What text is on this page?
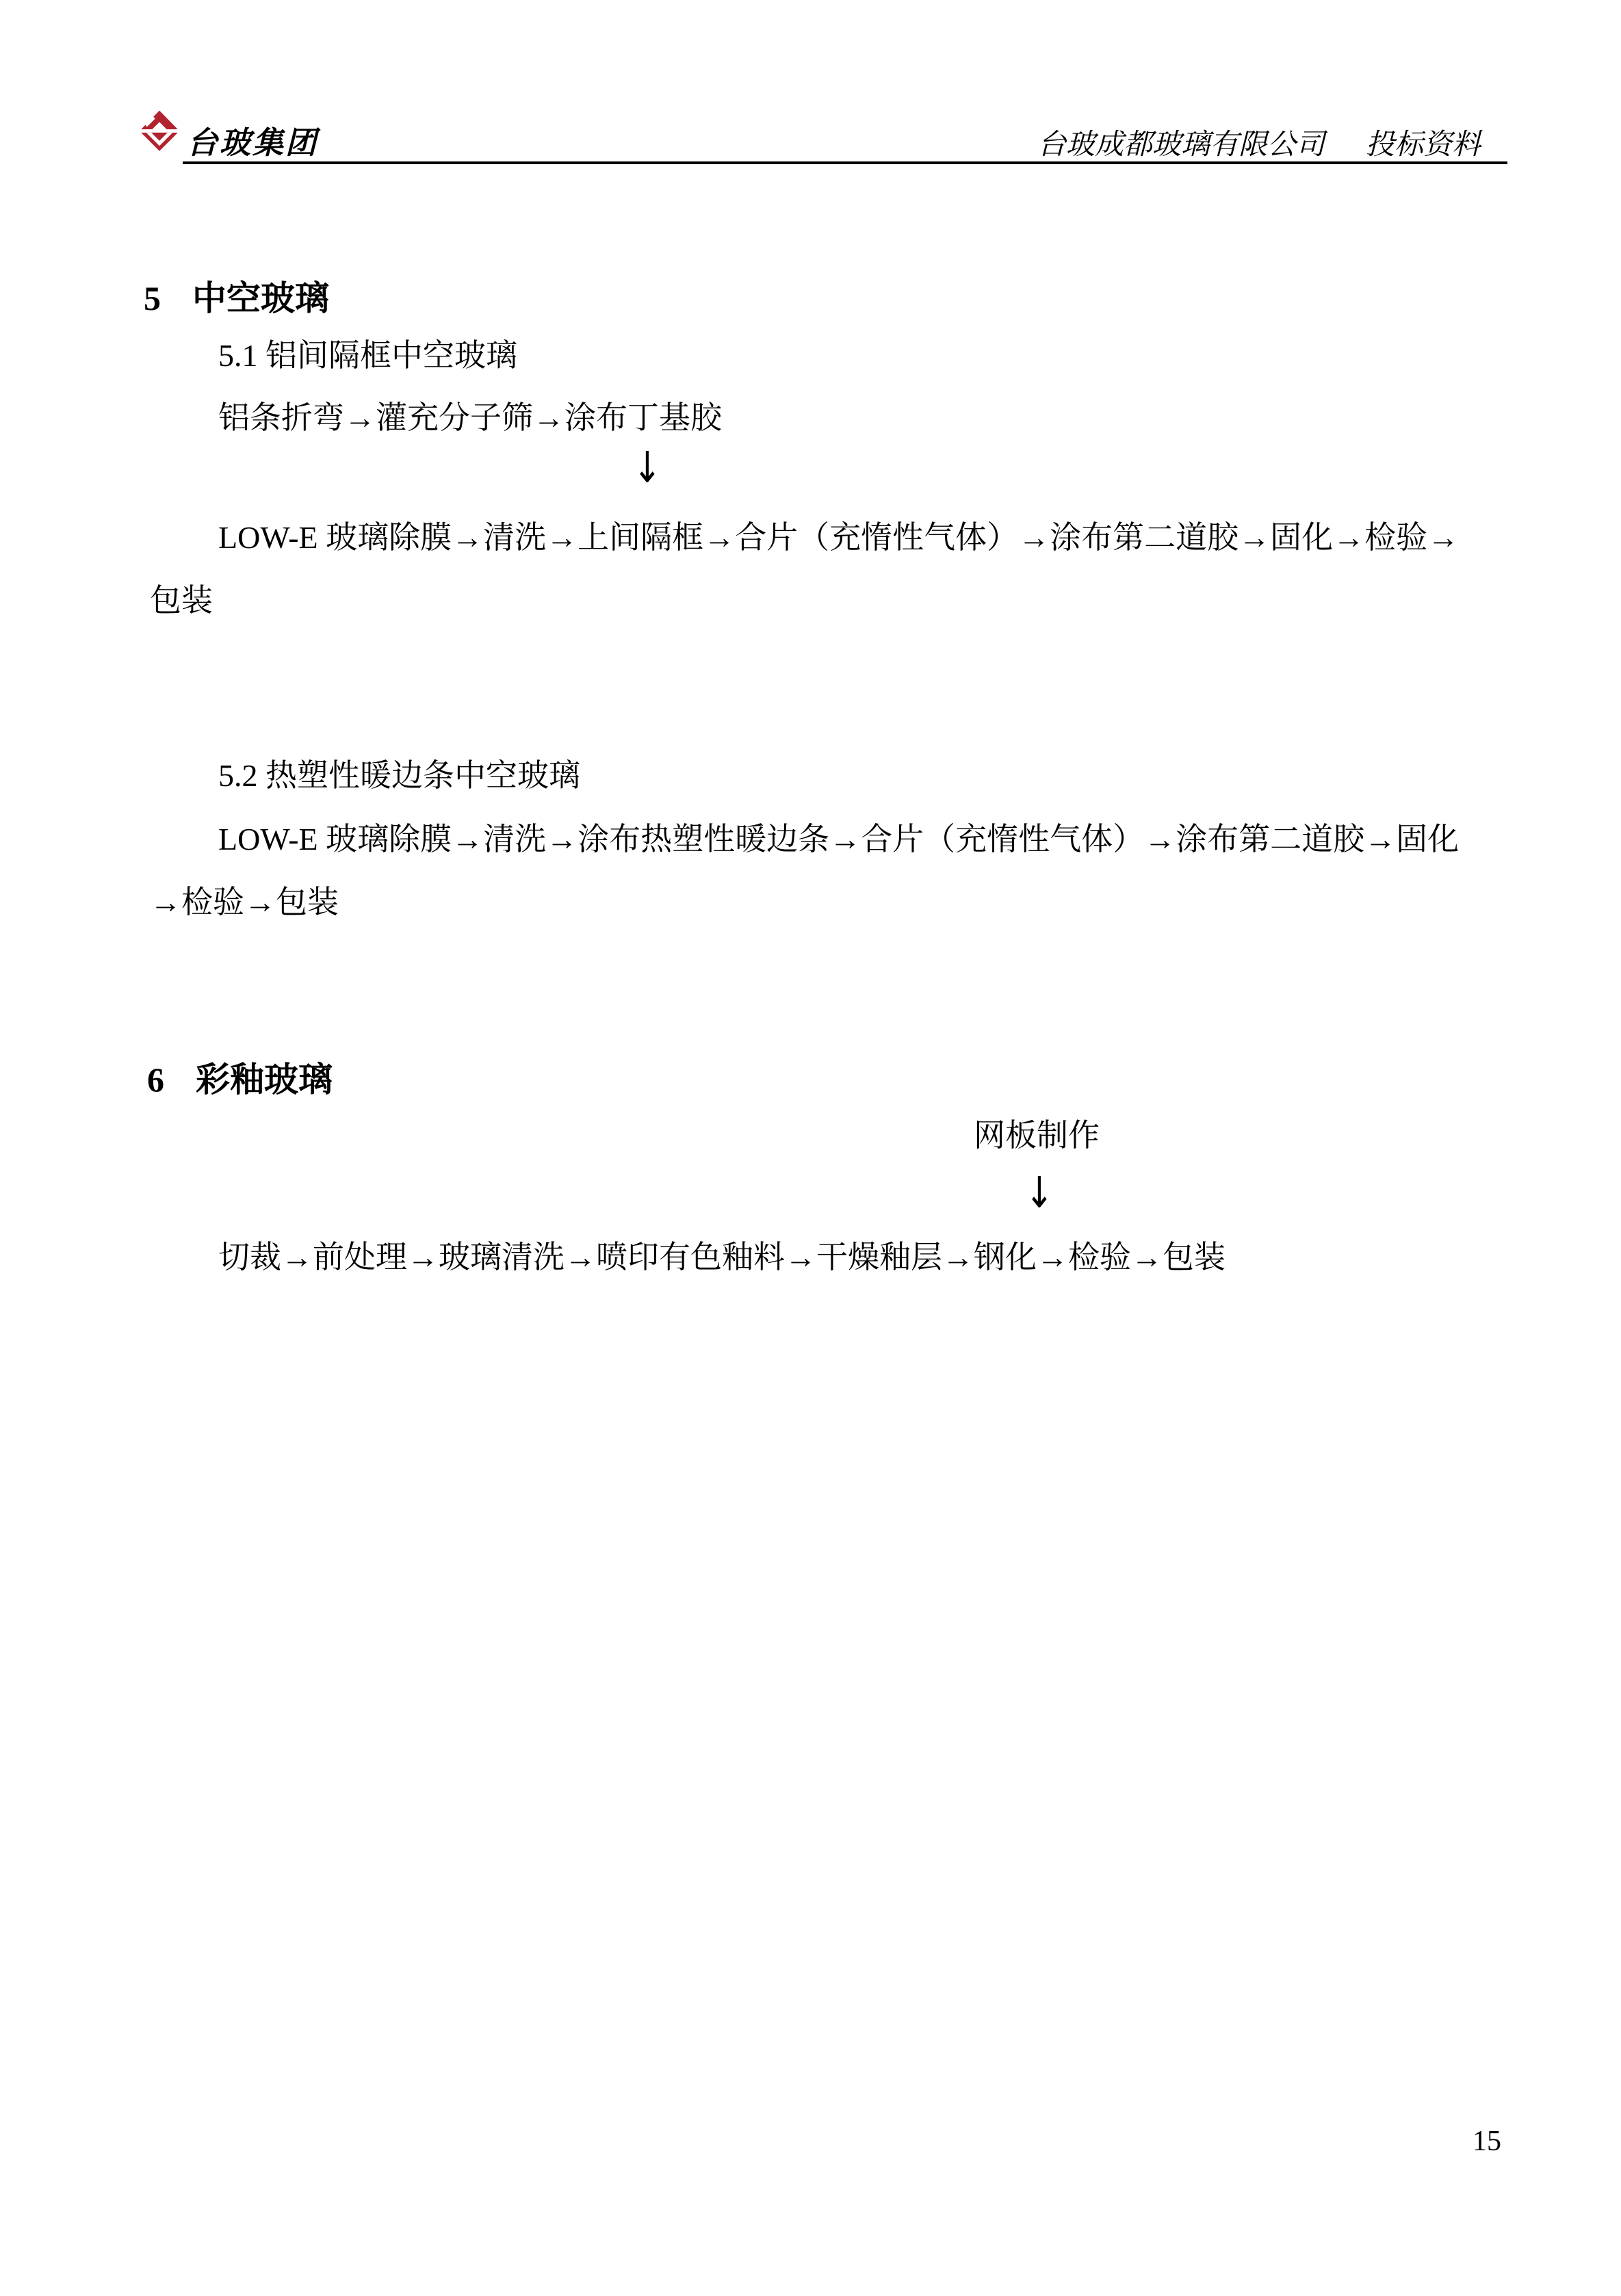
台玻集团	台玻成都玻璃有限公司 投标资料
5 中空玻璃
5.1 铝间隔框中空玻璃
铝条折弯→灌充分子筛→涂布丁基胶
↓
LOW-E 玻璃除膜→清洗→上间隔框→合片（充惰性气体）→涂布第二道胶→固化→检验→
包装
5.2 热塑性暖边条中空玻璃
LOW-E 玻璃除膜→清洗→涂布热塑性暖边条→合片（充惰性气体）→涂布第二道胶→固化
→检验→包装
6 彩釉玻璃
网板制作
↓
切裁→前处理→玻璃清洗→喷印有色釉料→干燥釉层→钢化→检验→包装
15
